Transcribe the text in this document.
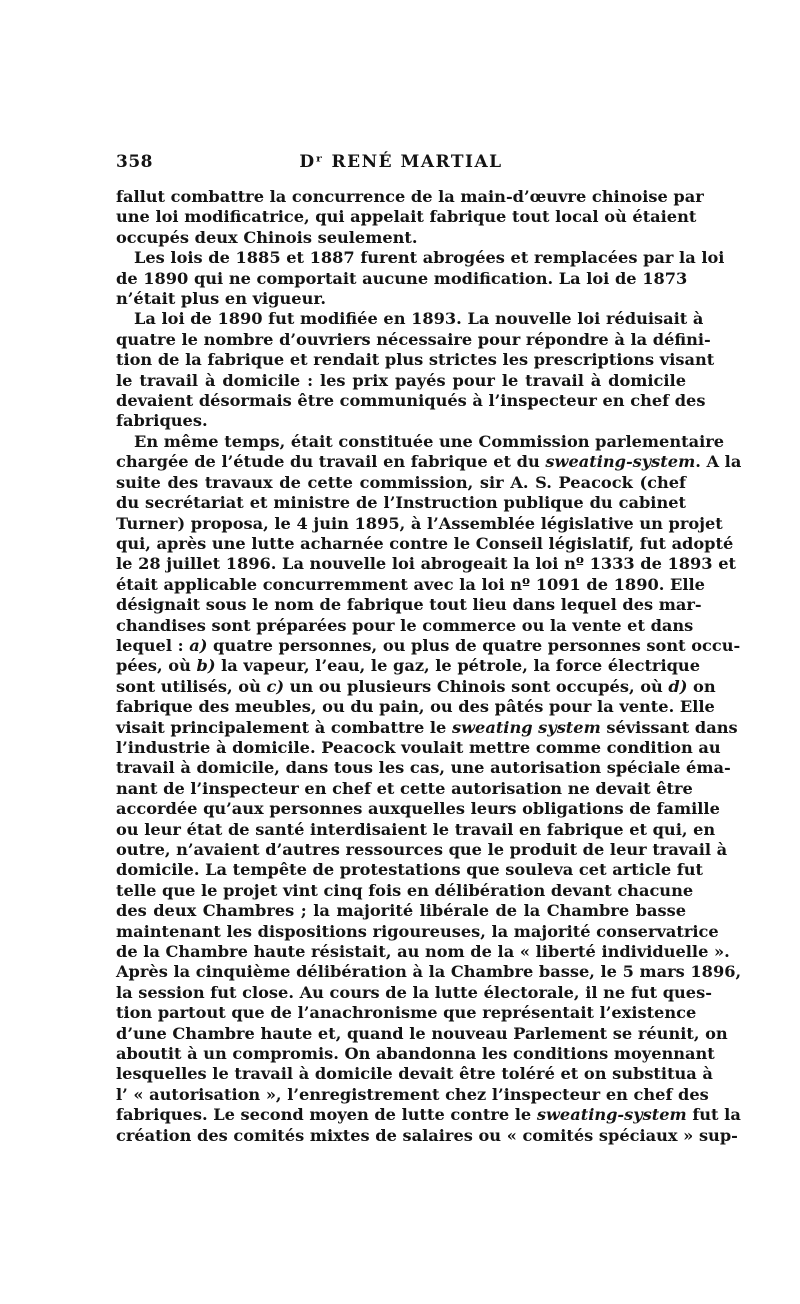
358	Dʳ RENÉ MARTIAL

fallut combattre la concurrence de la main-d’œuvre chinoise par
une loi modificatrice, qui appelait fabrique tout local où étaient
occupés deux Chinois seulement.

Les lois de 1885 et 1887 furent abrogées et remplacées par la loi
de 1890 qui ne comportait aucune modification. La loi de 1873
n’était plus en vigueur.

La loi de 1890 fut modifiée en 1893. La nouvelle loi réduisait à
quatre le nombre d’ouvriers nécessaire pour répondre à la défini-
tion de la fabrique et rendait plus strictes les prescriptions visant
le travail à domicile : les prix payés pour le travail à domicile
devaient désormais être communiqués à l’inspecteur en chef des
fabriques.

En même temps, était constituée une Commission parlementaire
chargée de l’étude du travail en fabrique et du sweating-system. A la
suite des travaux de cette commission, sir A. S. Peacock (chef
du secrétariat et ministre de l’Instruction publique du cabinet
Turner) proposa, le 4 juin 1895, à l’Assemblée législative un projet
qui, après une lutte acharnée contre le Conseil législatif, fut adopté
le 28 juillet 1896. La nouvelle loi abrogeait la loi nº 1333 de 1893 et
était applicable concurremment avec la loi nº 1091 de 1890. Elle
désignait sous le nom de fabrique tout lieu dans lequel des mar-
chandises sont préparées pour le commerce ou la vente et dans
lequel : a) quatre personnes, ou plus de quatre personnes sont occu-
pées, où b) la vapeur, l’eau, le gaz, le pétrole, la force électrique
sont utilisés, où c) un ou plusieurs Chinois sont occupés, où d) on
fabrique des meubles, ou du pain, ou des pâtés pour la vente. Elle
visait principalement à combattre le sweating system sévissant dans
l’industrie à domicile. Peacock voulait mettre comme condition au
travail à domicile, dans tous les cas, une autorisation spéciale éma-
nant de l’inspecteur en chef et cette autorisation ne devait être
accordée qu’aux personnes auxquelles leurs obligations de famille
ou leur état de santé interdisaient le travail en fabrique et qui, en
outre, n’avaient d’autres ressources que le produit de leur travail à
domicile. La tempête de protestations que souleva cet article fut
telle que le projet vint cinq fois en délibération devant chacune
des deux Chambres ; la majorité libérale de la Chambre basse
maintenant les dispositions rigoureuses, la majorité conservatrice
de la Chambre haute résistait, au nom de la « liberté individuelle ».
Après la cinquième délibération à la Chambre basse, le 5 mars 1896,
la session fut close. Au cours de la lutte électorale, il ne fut ques-
tion partout que de l’anachronisme que représentait l’existence
d’une Chambre haute et, quand le nouveau Parlement se réunit, on
aboutit à un compromis. On abandonna les conditions moyennant
lesquelles le travail à domicile devait être toléré et on substitua à
l’ « autorisation », l’enregistrement chez l’inspecteur en chef des
fabriques. Le second moyen de lutte contre le sweating-system fut la
création des comités mixtes de salaires ou « comités spéciaux » sup-
